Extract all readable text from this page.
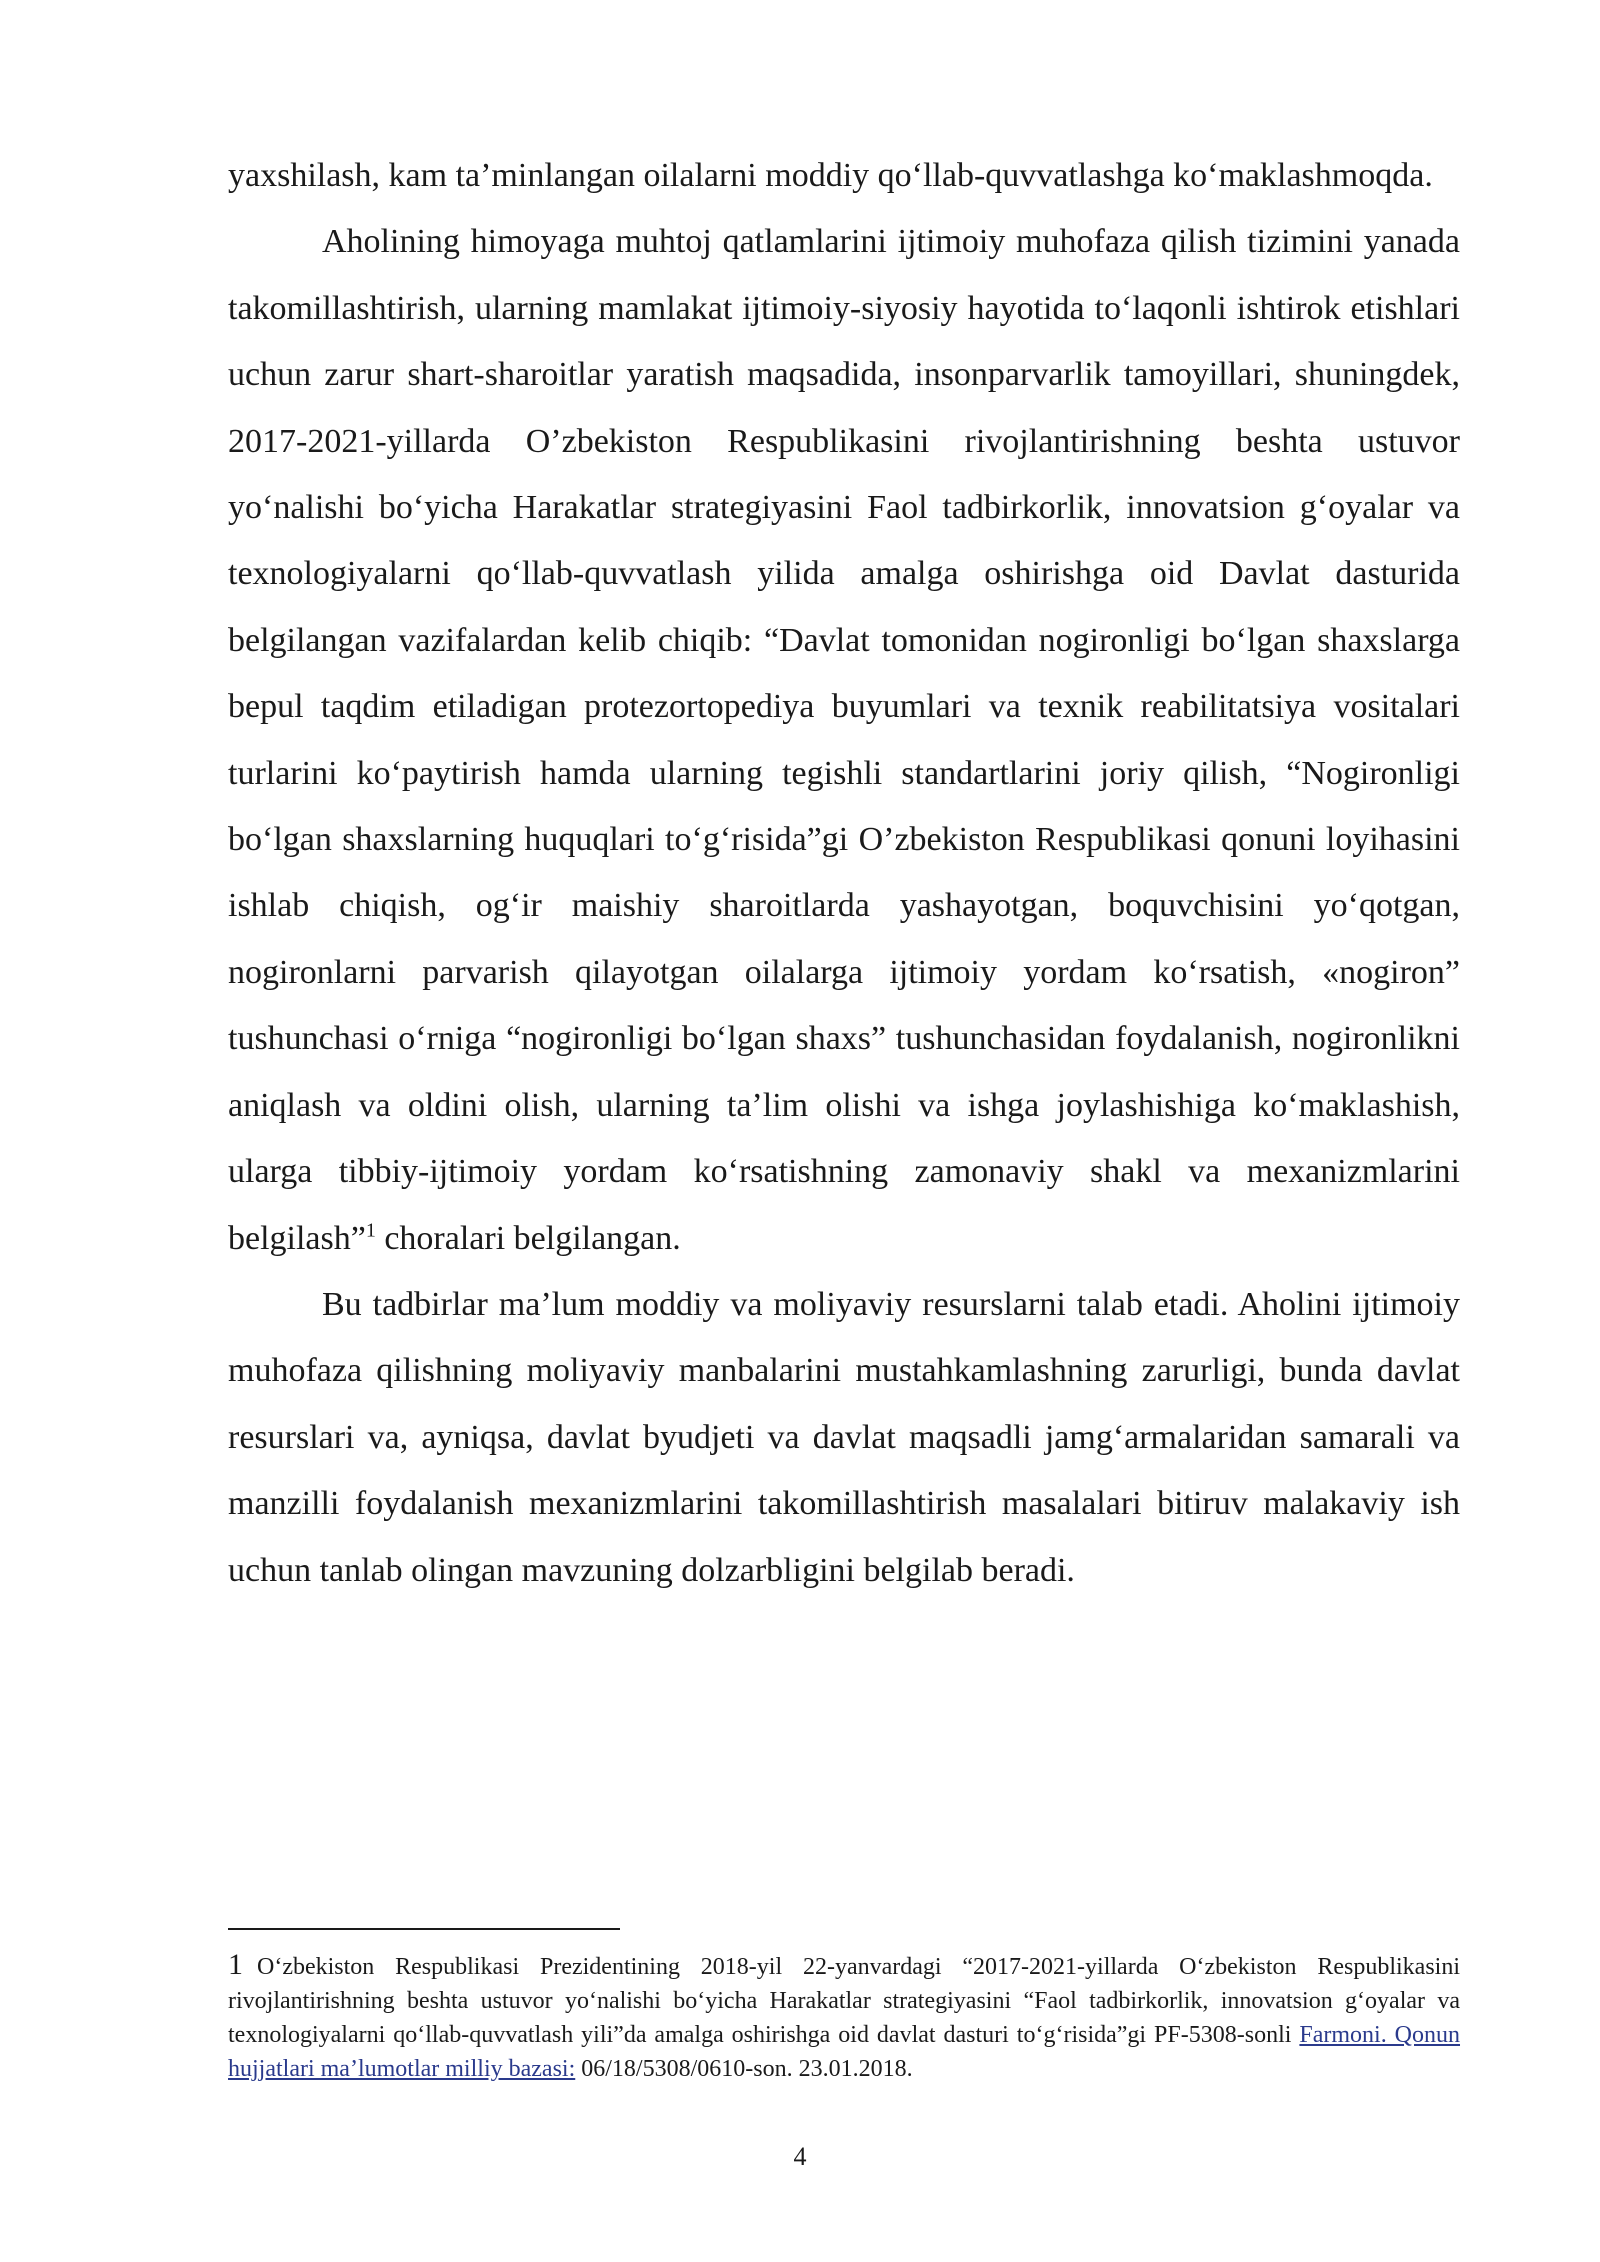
yaxshilash, kam ta’minlangan oilalarni moddiy qo‘llab-quvvatlashga ko‘maklashmoqda.

Aholining himoyaga muhtoj qatlamlarini ijtimoiy muhofaza qilish tizimini yanada takomillashtirish, ularning mamlakat ijtimoiy-siyosiy hayotida to‘laqonli ishtirok etishlari uchun zarur shart-sharoitlar yaratish maqsadida, insonparvarlik tamoyillari, shuningdek, 2017-2021-yillarda O’zbekiston Respublikasini rivojlantirishning beshta ustuvor yo‘nalishi bo‘yicha Harakatlar strategiyasini Faol tadbirkorlik, innovatsion g‘oyalar va texnologiyalarni qo‘llab-quvvatlash yilida amalga oshirishga oid Davlat dasturida belgilangan vazifalardan kelib chiqib: “Davlat tomonidan nogironligi bo‘lgan shaxslarga bepul taqdim etiladigan protezortopediya buyumlari va texnik reabilitatsiya vositalari turlarini ko‘paytirish hamda ularning tegishli standartlarini joriy qilish, “Nogironligi bo‘lgan shaxslarning huquqlari to‘g‘risida”gi O’zbekiston Respublikasi qonuni loyihasini ishlab chiqish, og‘ir maishiy sharoitlarda yashayotgan, boquvchisini yo‘qotgan, nogironlarni parvarish qilayotgan oilalarga ijtimoiy yordam ko‘rsatish, «nogiron” tushunchasi o‘rniga “nogironligi bo‘lgan shaxs” tushunchasidan foydalanish, nogironlikni aniqlash va oldini olish, ularning ta’lim olishi va ishga joylashishiga ko‘maklashish, ularga tibbiy-ijtimoiy yordam ko‘rsatishning zamonaviy shakl va mexanizmlarini belgilash”$^1$ choralari belgilangan.

Bu tadbirlar ma’lum moddiy va moliyaviy resurslarni talab etadi. Aholini ijtimoiy muhofaza qilishning moliyaviy manbalarini mustahkamlashning zarurligi, bunda davlat resurslari va, ayniqsa, davlat byudjeti va davlat maqsadli jamg‘armalaridan samarali va manzilli foydalanish mexanizmlarini takomillashtirish masalalari bitiruv malakaviy ish uchun tanlab olingan mavzuning dolzarbligini belgilab beradi.

1 O‘zbekiston Respublikasi Prezidentining 2018-yil 22-yanvardagi “2017-2021-yillarda O‘zbekiston Respublikasini rivojlantirishning beshta ustuvor yo‘nalishi bo‘yicha Harakatlar strategiyasini “Faol tadbirkorlik, innovatsion g‘oyalar va texnologiyalarni qo‘llab-quvvatlash yili”da amalga oshirishga oid davlat dasturi to‘g‘risida”gi PF-5308-sonli Farmoni. Qonun hujjatlari ma’lumotlar milliy bazasi: 06/18/5308/0610-son. 23.01.2018.

4
